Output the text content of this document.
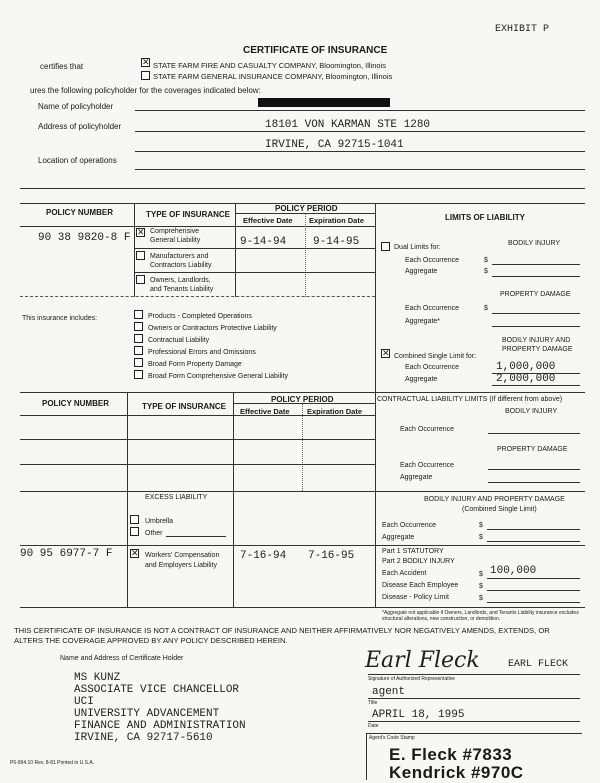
EXHIBIT P
CERTIFICATE OF INSURANCE
certifies that ✕	STATE FARM FIRE AND CASUALTY COMPANY, Bloomington, Illinois
STATE FARM GENERAL INSURANCE COMPANY, Bloomington, Illinois
ures the following policyholder for the coverages indicated below:
Name of policyholder
Address of policyholder	18101 VON KARMAN STE 1280
IRVINE, CA 92715-1041
Location of operations
POLICY NUMBER	TYPE OF INSURANCE
POLICY PERIOD
Effective Date Expiration Date	LIMITS OF LIABILITY
90 38 9820-8 F
✕
Comprehensive
General Liability	9-14-94 9-14-95
Manufacturers and
Contractors Liability
Owners, Landlords,
and Tenants Liability
This insurance includes:	Products - Completed Operations
Owners or Contractors Protective Liability
Contractual Liability
Professional Errors and Omissions
Broad Form Property Damage
Broad Form Comprehensive General Liability
Dual Limits for:
BODILY INJURY
Each Occurrence	$
Aggregate	$
PROPERTY DAMAGE
Each Occurrence	$
Aggregate*
BODILY INJURY AND
PROPERTY DAMAGE
✕
Combined Single Limit for:
Each Occurrence	1,000,000
Aggregate	2,000,000
POLICY NUMBER	TYPE OF INSURANCE
POLICY PERIOD
Effective Date Expiration Date
CONTRACTUAL LIABILITY LIMITS (If different from above)
BODILY INJURY
Each Occurrence
PROPERTY DAMAGE
Each Occurrence
Aggregate
EXCESS LIABILITY
Umbrella
Other
BODILY INJURY AND PROPERTY DAMAGE
(Combined Single Limit)
Each Occurrence	$
Aggregate	$
90 95 6977-7 F ✕	Workers' Compensation
and Employers Liability
7-16-94 7-16-95	Part 1 STATUTORY
Part 2 BODILY INJURY
Each Accident	$ 100,000
Disease Each Employee	$
Disease - Policy Limit	$
*Aggregate not applicable if Owners, Landlords, and Tenants Liability insurance excludes structural alterations, new construction, or demolition.
THIS CERTIFICATE OF INSURANCE IS NOT A CONTRACT OF INSURANCE AND NEITHER AFFIRMATIVELY NOR NEGATIVELY AMENDS, EXTENDS, OR
ALTERS THE COVERAGE APPROVED BY ANY POLICY DESCRIBED HEREIN.
Name and Address of Certificate Holder
MS KUNZ
ASSOCIATE VICE CHANCELLOR
UCI
UNIVERSITY ADVANCEMENT
FINANCE AND ADMINISTRATION
IRVINE, CA 92717-5610
Earl Fleck	EARL FLECK
Signature of Authorized Representative
agent
Title
APRIL 18, 1995
Date
Agent's Code Stamp
E. Fleck #7833
Kendrick #970C
P6-994.10 Rev. 8-81 Printed in U.S.A.
